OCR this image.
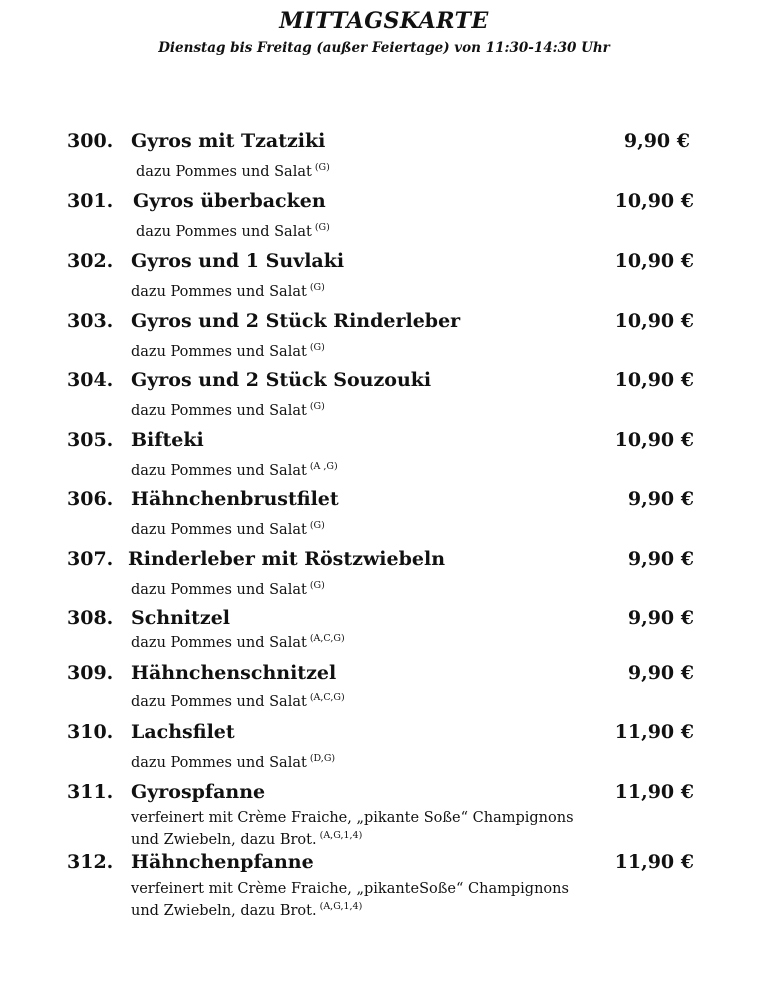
MITTAGSKARTE
Dienstag bis Freitag (außer Feiertage) von 11:30-14:30 Uhr
300. Gyros mit Tzatziki	9,90 €
dazu Pommes und Salat $^{(G)}$
301. Gyros überbacken	10,90 €
dazu Pommes und Salat $^{(G)}$
302. Gyros und 1 Suvlaki	10,90 €
dazu Pommes und Salat $^{(G)}$
303. Gyros und 2 Stück Rinderleber	10,90 €
dazu Pommes und Salat $^{(G)}$
304. Gyros und 2 Stück Souzouki	10,90 €
dazu Pommes und Salat $^{(G)}$
305. Bifteki	10,90 €
dazu Pommes und Salat $^{(A ,G)}$
306. Hähnchenbrustfilet	9,90 €
dazu Pommes und Salat $^{(G)}$
307. Rinderleber mit Röstzwiebeln	9,90 €
dazu Pommes und Salat $^{(G)}$
308. Schnitzel	9,90 €
dazu Pommes und Salat $^{(A,C,G)}$
309. Hähnchenschnitzel	9,90 €
dazu Pommes und Salat $^{(A,C,G)}$
310. Lachsfilet	11,90 €
dazu Pommes und Salat $^{(D,G)}$
311. Gyrospfanne	11,90 €
verfeinert mit Crème Fraiche, „pikante Soße“ Champignons und Zwiebeln, dazu Brot. $^{(A,G,1,4)}$
312. Hähnchenpfanne	11,90 €
verfeinert mit Crème Fraiche, „pikanteSoße“ Champignons und Zwiebeln, dazu Brot. $^{(A,G,1,4)}$
